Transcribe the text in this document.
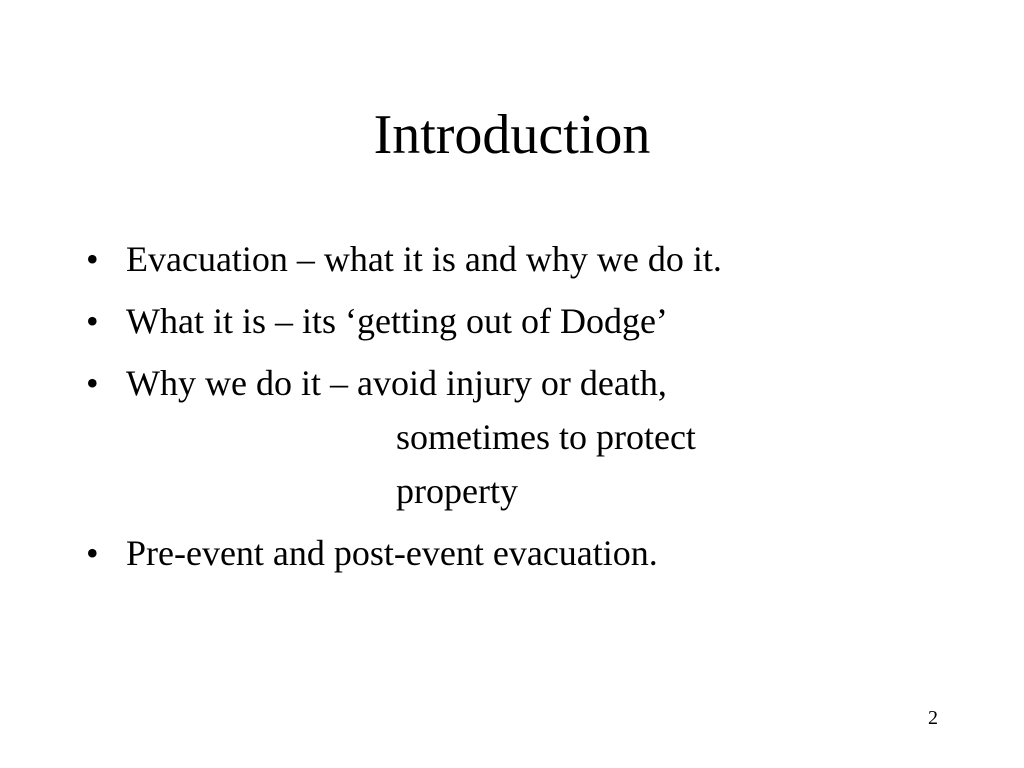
Introduction
• Evacuation – what it is and why we do it.
• What it is – its ‘getting out of Dodge’
• Why we do it – avoid injury or death,
sometimes to protect
property
• Pre-event and post-event evacuation.
2
